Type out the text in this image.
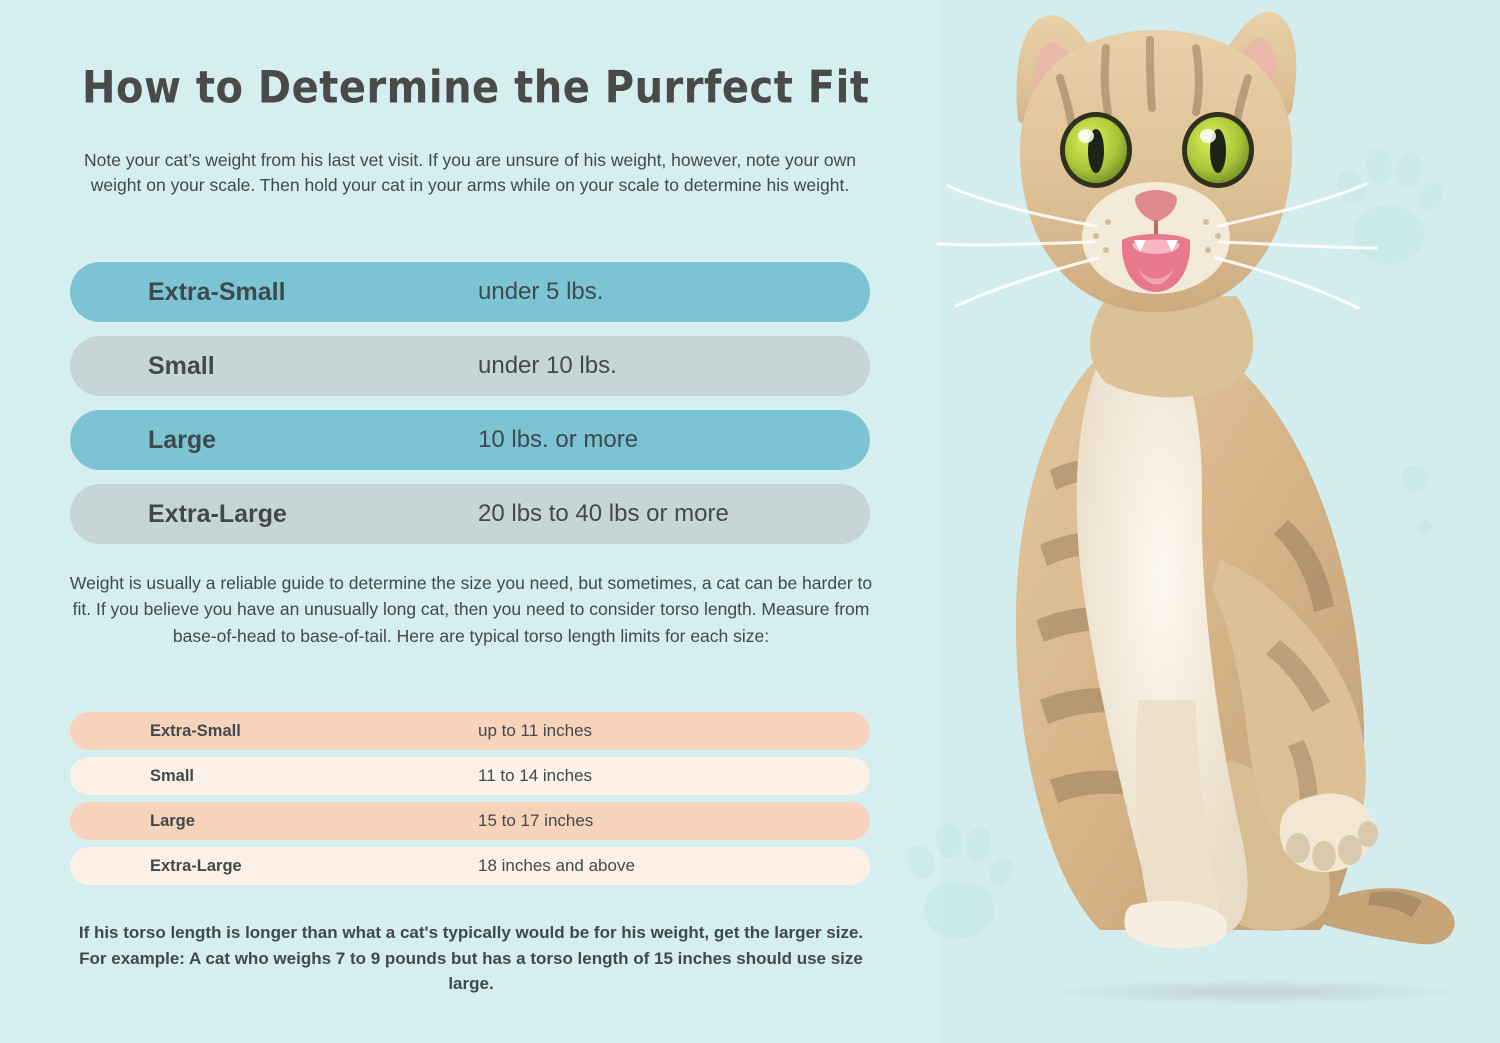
How to Determine the Purrfect Fit
Note your cat’s weight from his last vet visit. If you are unsure of his weight, however, note your own weight on your scale. Then hold your cat in your arms while on your scale to determine his weight.
Extra-Small	under 5 lbs.
Small	under 10 lbs.
Large	10 lbs. or more
Extra-Large	20 lbs to 40 lbs or more
Weight is usually a reliable guide to determine the size you need, but sometimes, a cat can be harder to fit. If you believe you have an unusually long cat, then you need to consider torso length. Measure from base-of-head to base-of-tail. Here are typical torso length limits for each size:
Extra-Small	up to 11 inches
Small	11 to 14 inches
Large	15 to 17 inches
Extra-Large	18 inches and above
If his torso length is longer than what a cat's typically would be for his weight, get the larger size. For example: A cat who weighs 7 to 9 pounds but has a torso length of 15 inches should use size large.
